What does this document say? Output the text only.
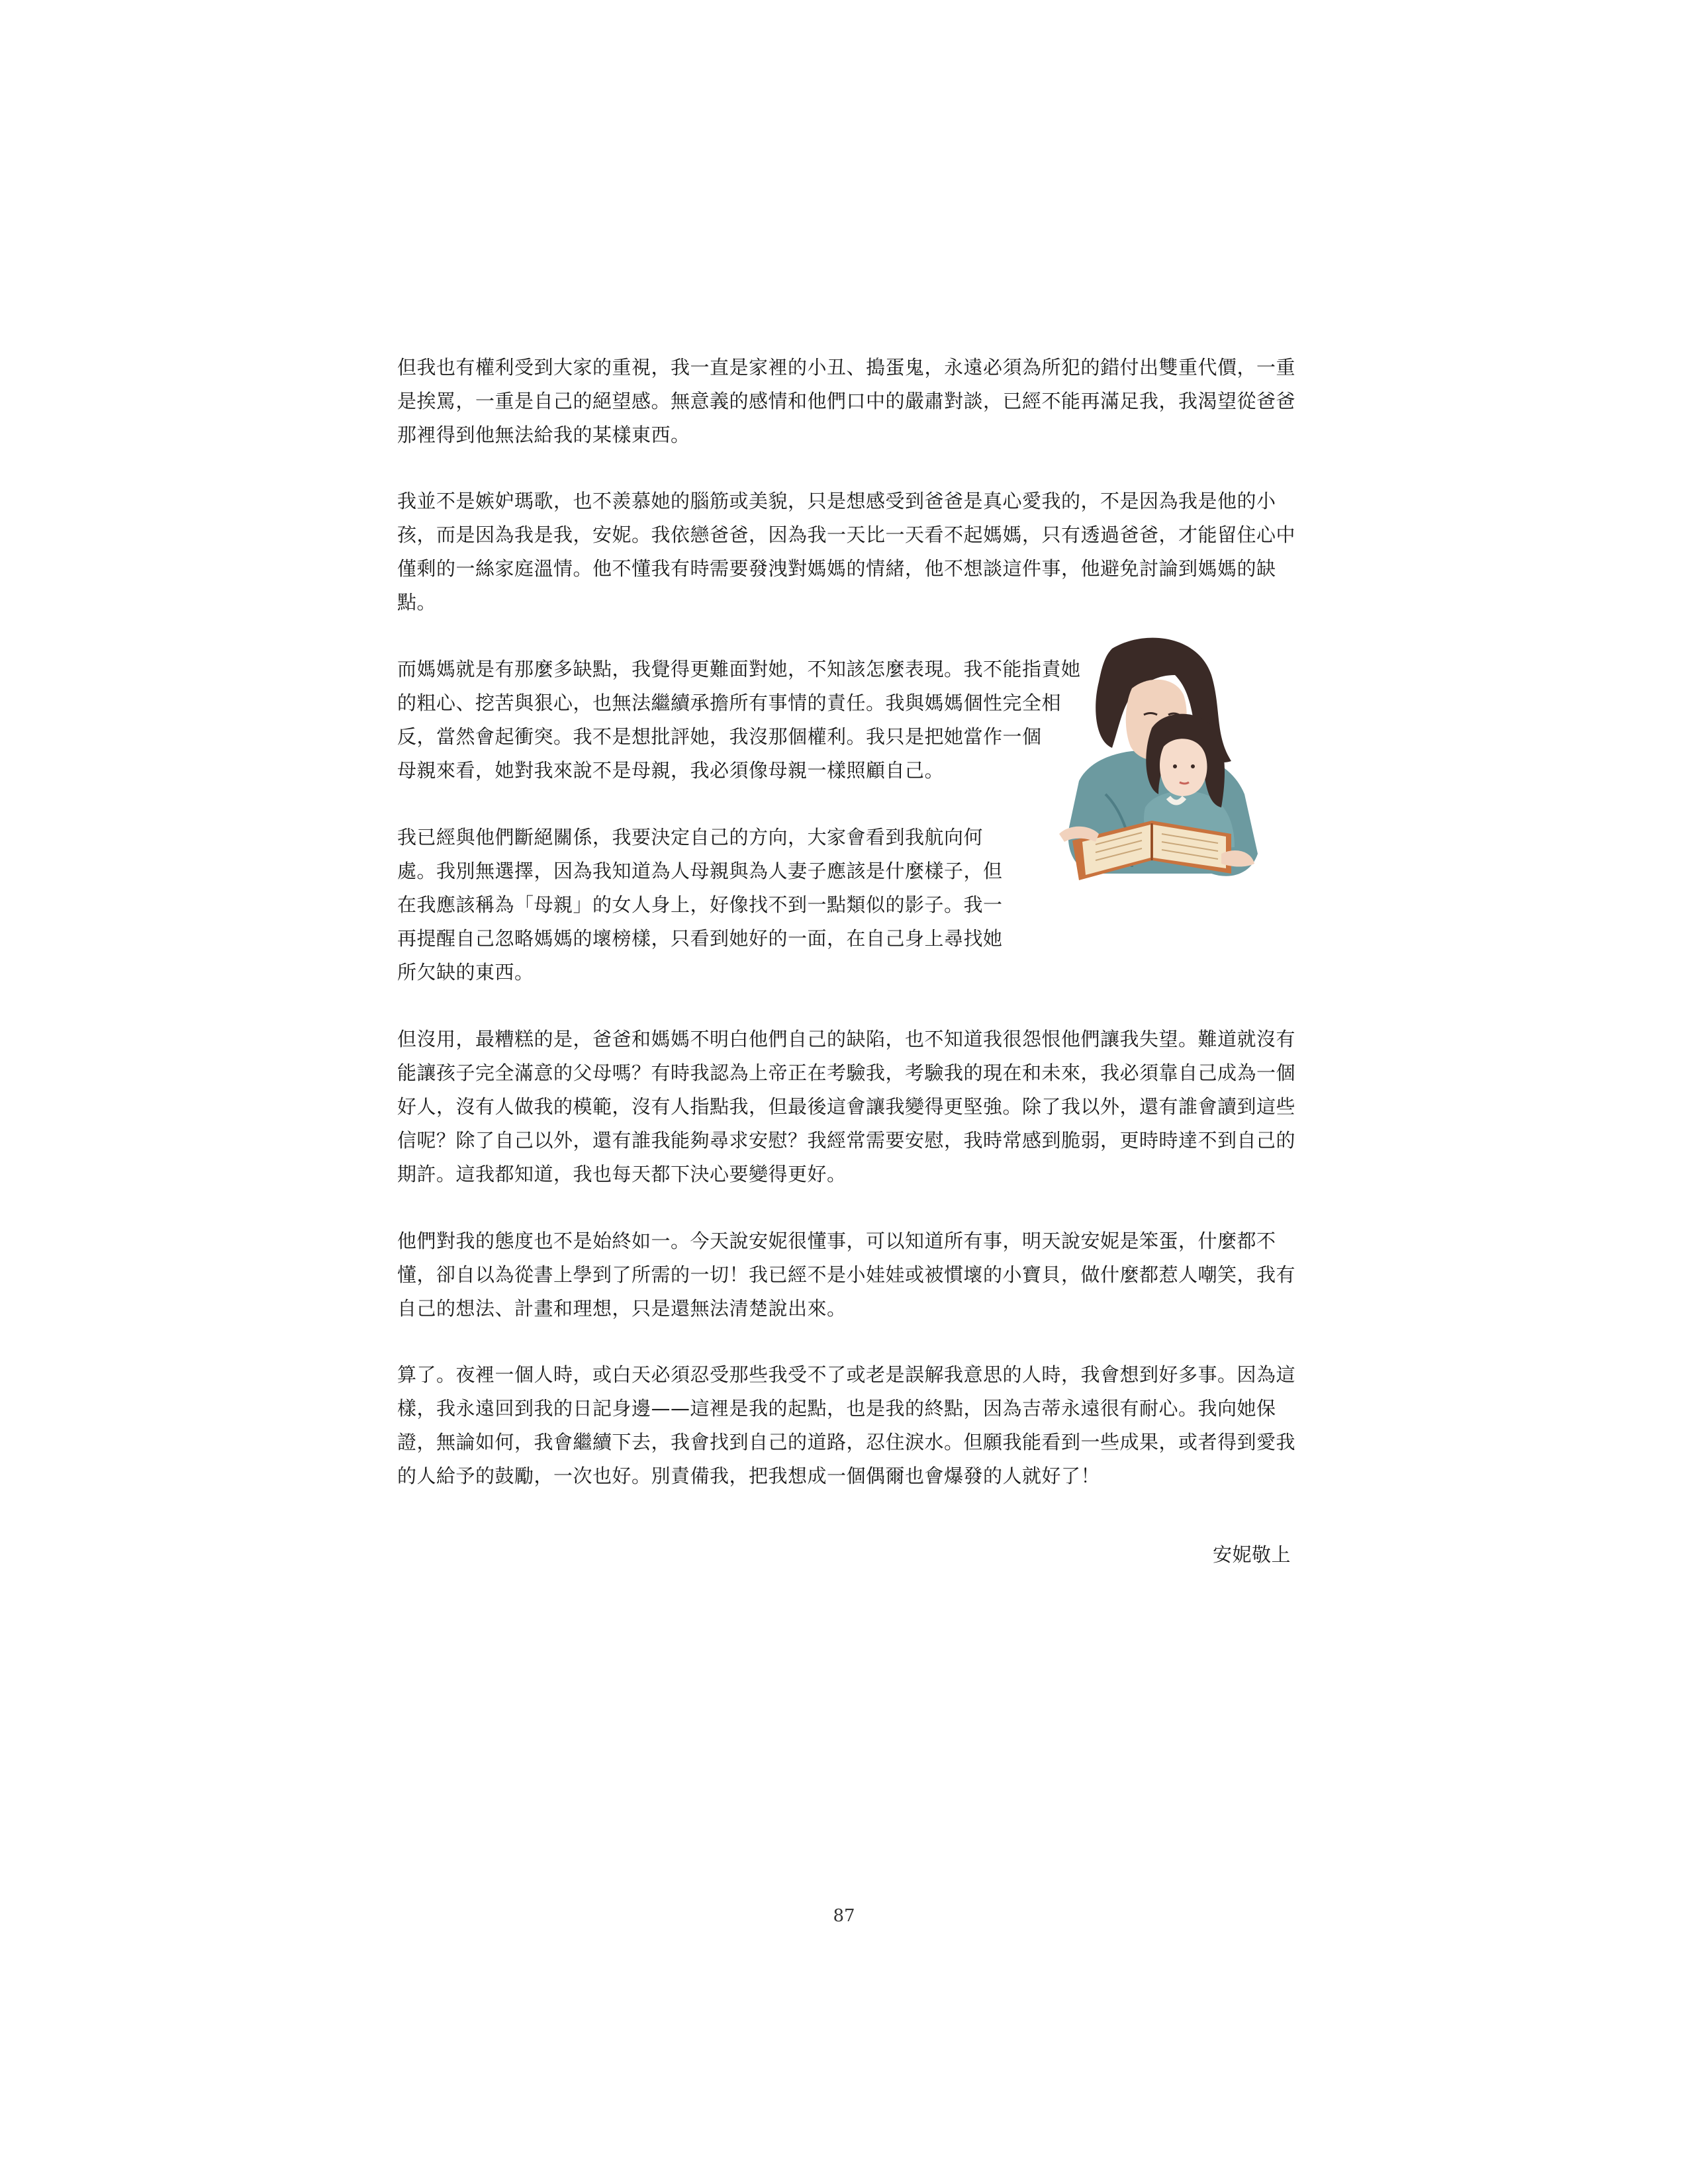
但我也有權利受到大家的重視，我一直是家裡的小丑、搗蛋鬼，永遠必須為所犯的錯付出雙重代價，一重
是挨罵，一重是自己的絕望感。無意義的感情和他們口中的嚴肅對談，已經不能再滿足我，我渴望從爸爸
那裡得到他無法給我的某樣東西。

我並不是嫉妒瑪歌，也不羨慕她的腦筋或美貌，只是想感受到爸爸是真心愛我的，不是因為我是他的小
孩，而是因為我是我，安妮。我依戀爸爸，因為我一天比一天看不起媽媽，只有透過爸爸，才能留住心中
僅剩的一絲家庭溫情。他不懂我有時需要發洩對媽媽的情緒，他不想談這件事，他避免討論到媽媽的缺
點。

而媽媽就是有那麼多缺點，我覺得更難面對她，不知該怎麼表現。我不能指責她
的粗心、挖苦與狠心，也無法繼續承擔所有事情的責任。我與媽媽個性完全相
反，當然會起衝突。我不是想批評她，我沒那個權利。我只是把她當作一個
母親來看，她對我來說不是母親，我必須像母親一樣照顧自己。

我已經與他們斷絕關係，我要決定自己的方向，大家會看到我航向何
處。我別無選擇，因為我知道為人母親與為人妻子應該是什麼樣子，但
在我應該稱為「母親」的女人身上，好像找不到一點類似的影子。我一
再提醒自己忽略媽媽的壞榜樣，只看到她好的一面，在自己身上尋找她
所欠缺的東西。

但沒用，最糟糕的是，爸爸和媽媽不明白他們自己的缺陷，也不知道我很怨恨他們讓我失望。難道就沒有
能讓孩子完全滿意的父母嗎？有時我認為上帝正在考驗我，考驗我的現在和未來，我必須靠自己成為一個
好人，沒有人做我的模範，沒有人指點我，但最後這會讓我變得更堅強。除了我以外，還有誰會讀到這些
信呢？除了自己以外，還有誰我能夠尋求安慰？我經常需要安慰，我時常感到脆弱，更時時達不到自己的
期許。這我都知道，我也每天都下決心要變得更好。

他們對我的態度也不是始終如一。今天說安妮很懂事，可以知道所有事，明天說安妮是笨蛋，什麼都不
懂，卻自以為從書上學到了所需的一切！我已經不是小娃娃或被慣壞的小寶貝，做什麼都惹人嘲笑，我有
自己的想法、計畫和理想，只是還無法清楚說出來。

算了。夜裡一個人時，或白天必須忍受那些我受不了或老是誤解我意思的人時，我會想到好多事。因為這
樣，我永遠回到我的日記身邊——這裡是我的起點，也是我的終點，因為吉蒂永遠很有耐心。我向她保
證，無論如何，我會繼續下去，我會找到自己的道路，忍住淚水。但願我能看到一些成果，或者得到愛我
的人給予的鼓勵，一次也好。別責備我，把我想成一個偶爾也會爆發的人就好了！

安妮敬上
87
